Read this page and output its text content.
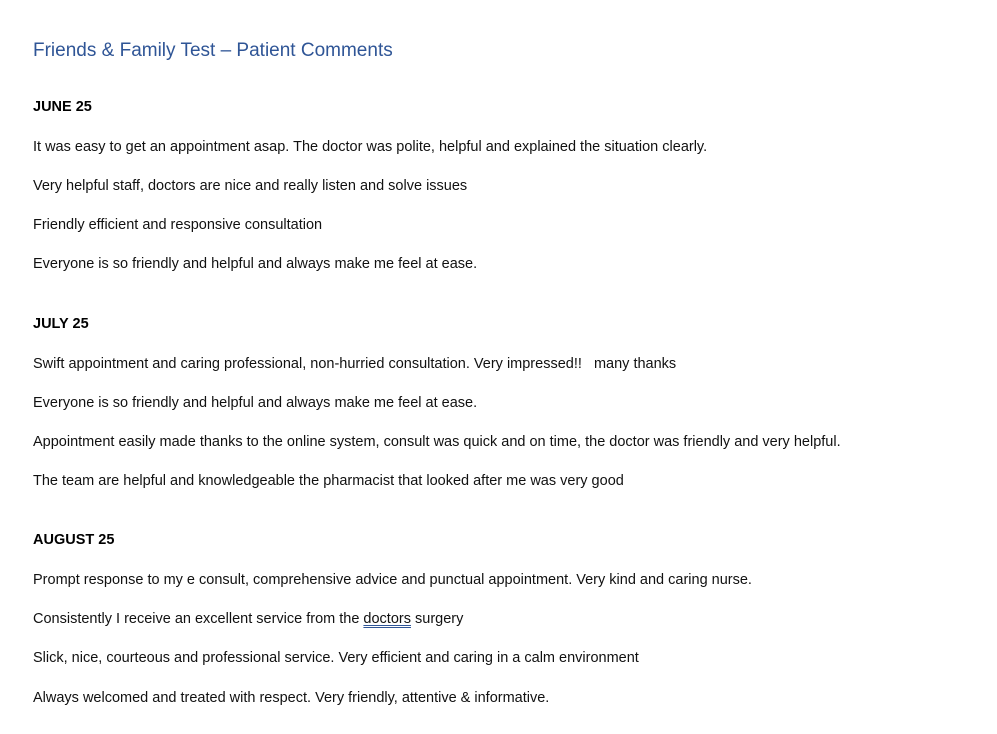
Friends & Family Test – Patient Comments
JUNE 25
It was easy to get an appointment asap. The doctor was polite, helpful and explained the situation clearly.
Very helpful staff, doctors are nice and really listen and solve issues
Friendly efficient and responsive consultation
Everyone is so friendly and helpful and always make me feel at ease.
JULY 25
Swift appointment and caring professional, non-hurried consultation. Very impressed!!   many thanks
Everyone is so friendly and helpful and always make me feel at ease.
Appointment easily made thanks to the online system, consult was quick and on time, the doctor was friendly and very helpful.
The team are helpful and knowledgeable the pharmacist that looked after me was very good
AUGUST 25
Prompt response to my e consult, comprehensive advice and punctual appointment. Very kind and caring nurse.
Consistently I receive an excellent service from the doctors surgery
Slick, nice, courteous and professional service. Very efficient and caring in a calm environment
Always welcomed and treated with respect. Very friendly, attentive & informative.
